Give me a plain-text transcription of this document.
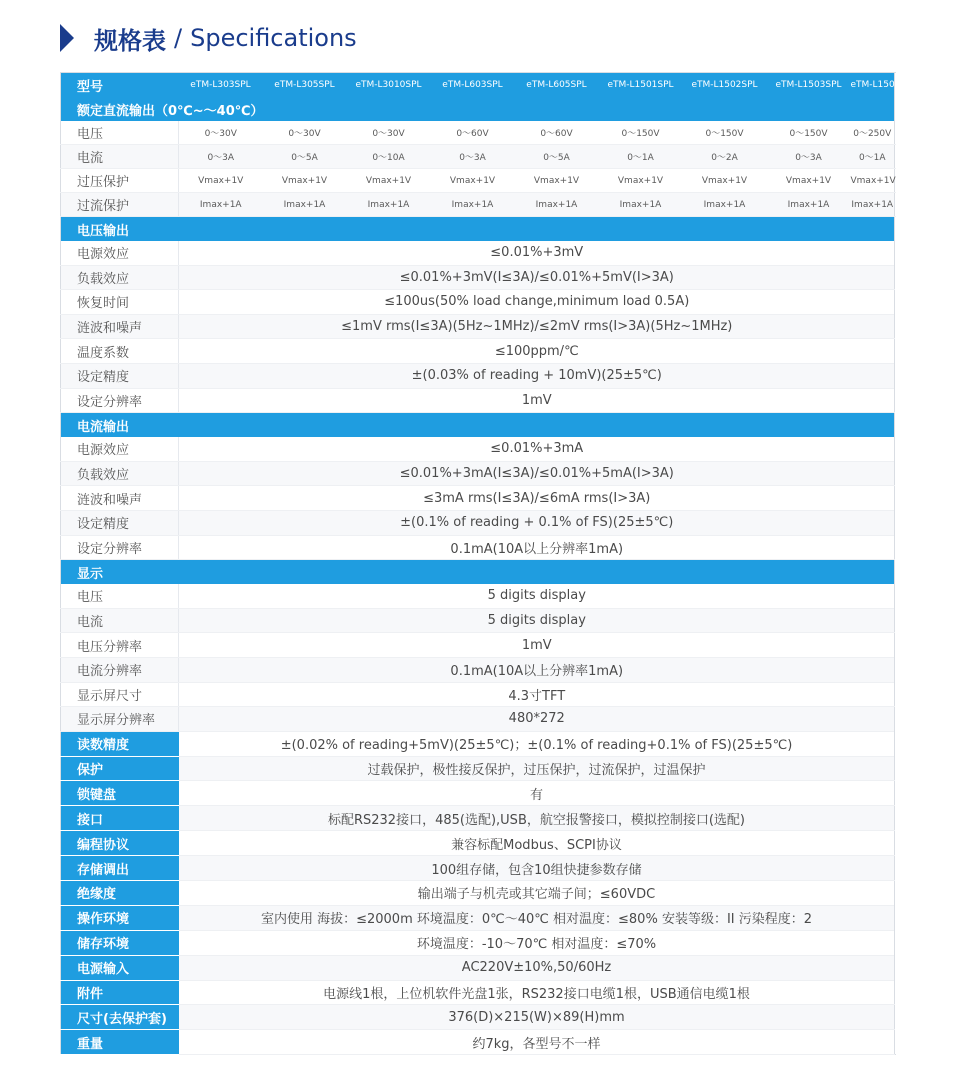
规格表 / Specifications
型号	eTM-L303SPL	eTM-L305SPL	eTM-L3010SPL	eTM-L603SPL	eTM-L605SPL	eTM-L1501SPL	eTM-L1502SPL	eTM-L1503SPL	eTM-L1503SPL
额定直流输出（0℃~～40℃）									
电压	0～30V	0～30V	0～30V	0～60V	0～60V	0～150V	0～150V	0～150V	0～250V
电流	0～3A	0～5A	0～10A	0～3A	0～5A	0～1A	0～2A	0～3A	0～1A
过压保护	Vmax+1V	Vmax+1V	Vmax+1V	Vmax+1V	Vmax+1V	Vmax+1V	Vmax+1V	Vmax+1V	Vmax+1V
过流保护	Imax+1A	Imax+1A	Imax+1A	Imax+1A	Imax+1A	Imax+1A	Imax+1A	Imax+1A	Imax+1A
电压输出									
电源效应	≤0.01%+3mV								
负载效应	≤0.01%+3mV(I≤3A)/≤0.01%+5mV(I>3A)								
恢复时间	≤100us(50% load change,minimum load 0.5A)								
涟波和噪声	≤1mV rms(I≤3A)(5Hz~1MHz)/≤2mV rms(I>3A)(5Hz~1MHz)								
温度系数	≤100ppm/℃								
设定精度	±(0.03% of reading + 10mV)(25±5℃)								
设定分辨率	1mV								
电流输出									
电源效应	≤0.01%+3mA								
负载效应	≤0.01%+3mA(I≤3A)/≤0.01%+5mA(I>3A)								
涟波和噪声	≤3mA rms(I≤3A)/≤6mA rms(I>3A)								
设定精度	±(0.1% of reading + 0.1% of FS)(25±5℃)								
设定分辨率	0.1mA(10A以上分辨率1mA)								
显示									
电压	5 digits display								
电流	5 digits display								
电压分辨率	1mV								
电流分辨率	0.1mA(10A以上分辨率1mA)								
显示屏尺寸	4.3寸TFT								
显示屏分辨率	480*272								
读数精度	±(0.02% of reading+5mV)(25±5℃)；±(0.1% of reading+0.1% of FS)(25±5℃)								
保护	过载保护，极性接反保护，过压保护，过流保护，过温保护								
锁键盘	有								
接口	标配RS232接口，485(选配),USB，航空报警接口，模拟控制接口(选配)								
编程协议	兼容标配Modbus、SCPI协议								
存储调出	100组存储，包含10组快捷参数存储								
绝缘度	输出端子与机壳或其它端子间；≤60VDC								
操作环境	室内使用 海拔：≤2000m 环境温度：0℃～40℃ 相对温度：≤80% 安装等级：II 污染程度：2								
储存环境	环境温度：-10～70℃ 相对温度：≤70%								
电源输入	AC220V±10%,50/60Hz								
附件	电源线1根，上位机软件光盘1张，RS232接口电缆1根，USB通信电缆1根								
尺寸(去保护套)	376(D)×215(W)×89(H)mm								
重量	约7kg，各型号不一样								
